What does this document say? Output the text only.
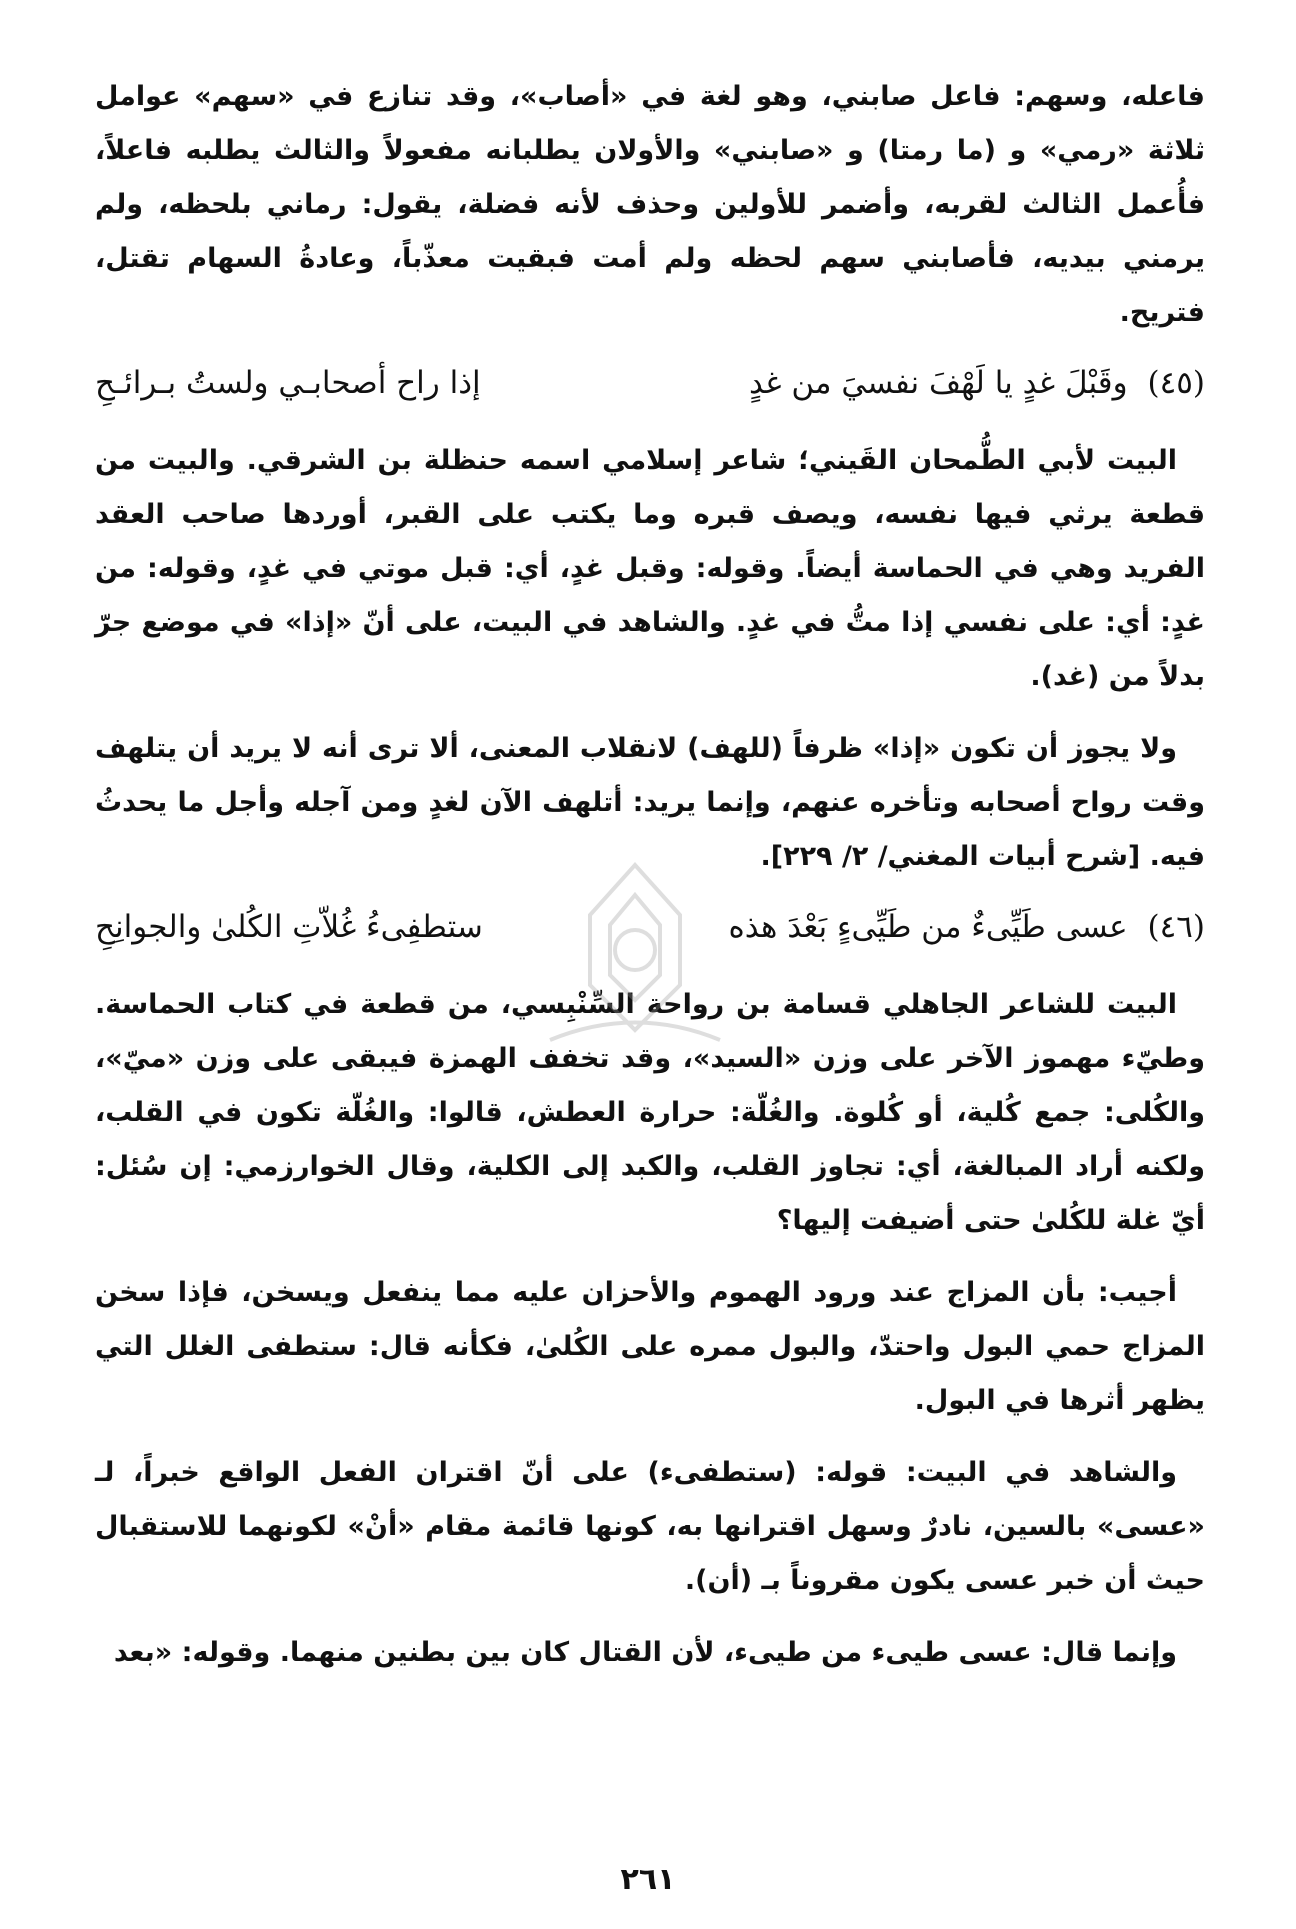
فاعله، وسهم: فاعل صابني، وهو لغة في «أصاب»، وقد تنازع في «سهم» عوامل ثلاثة «رمي» و (ما رمتا) و «صابني» والأولان يطلبانه مفعولاً والثالث يطلبه فاعلاً، فأُعمل الثالث لقربه، وأضمر للأولين وحذف لأنه فضلة، يقول: رماني بلحظه، ولم يرمني بيديه، فأصابني سهم لحظه ولم أمت فبقيت معذّباً، وعادةُ السهام تقتل، فتريح.

(٤٥) وقَبْلَ غدٍ يا لَهْفَ نفسيَ من غدٍ
إذا راح أصحابـي ولستُ بـرائـحِ

البيت لأبي الطُّمحان القَيني؛ شاعر إسلامي اسمه حنظلة بن الشرقي. والبيت من قطعة يرثي فيها نفسه، ويصف قبره وما يكتب على القبر، أوردها صاحب العقد الفريد وهي في الحماسة أيضاً. وقوله: وقبل غدٍ، أي: قبل موتي في غدٍ، وقوله: من غدٍ: أي: على نفسي إذا متُّ في غدٍ. والشاهد في البيت، على أنّ «إذا» في موضع جرّ بدلاً من (غد).

ولا يجوز أن تكون «إذا» ظرفاً (للهف) لانقلاب المعنى، ألا ترى أنه لا يريد أن يتلهف وقت رواح أصحابه وتأخره عنهم، وإنما يريد: أتلهف الآن لغدٍ ومن آجله وأجل ما يحدثُ فيه. [شرح أبيات المغني/ ٢/ ٢٢٩].

(٤٦) عسى طَيِّىءٌ من طَيِّىءٍ بَعْدَ هذه
ستطفِىءُ غُلاّتِ الكُلىٰ والجوانِحِ

البيت للشاعر الجاهلي قسامة بن رواحة السِّنْبِسي، من قطعة في كتاب الحماسة. وطيّء مهموز الآخر على وزن «السيد»، وقد تخفف الهمزة فيبقى على وزن «ميّ»، والكُلى: جمع كُلية، أو كُلوة. والغُلّة: حرارة العطش، قالوا: والغُلّة تكون في القلب، ولكنه أراد المبالغة، أي: تجاوز القلب، والكبد إلى الكلية، وقال الخوارزمي: إن سُئل: أيّ غلة للكُلىٰ حتى أضيفت إليها؟

أجيب: بأن المزاج عند ورود الهموم والأحزان عليه مما ينفعل ويسخن، فإذا سخن المزاج حمي البول واحتدّ، والبول ممره على الكُلىٰ، فكأنه قال: ستطفى الغلل التي يظهر أثرها في البول.

والشاهد في البيت: قوله: (ستطفىء) على أنّ اقتران الفعل الواقع خبراً، لـ «عسى» بالسين، نادرٌ وسهل اقترانها به، كونها قائمة مقام «أنْ» لكونهما للاستقبال حيث أن خبر عسى يكون مقروناً بـ (أن).

وإنما قال: عسى طيىء من طيىء، لأن القتال كان بين بطنين منهما. وقوله: «بعد

٢٦١
